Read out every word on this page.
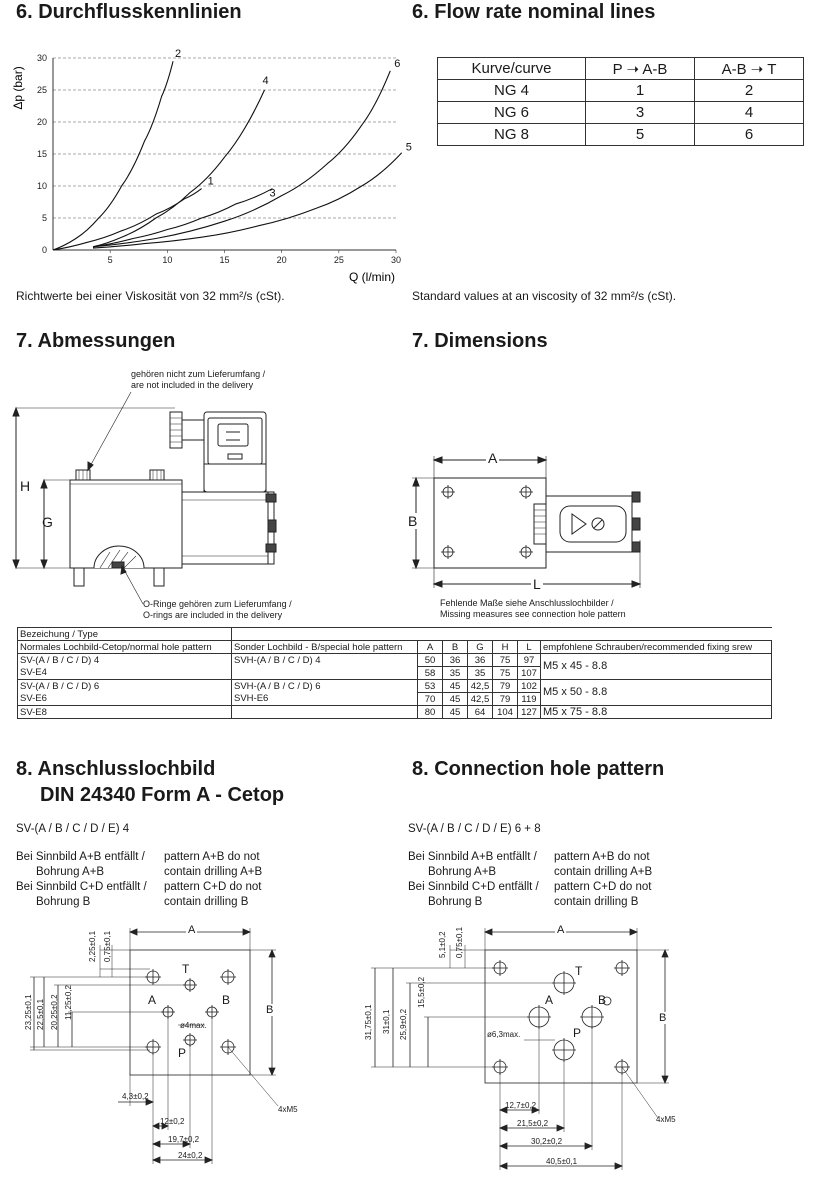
6. Durchflusskennlinien	6. Flow rate nominal lines
0
5
10
15
20
25
30
5	10	15	20	25	30
1
2
3
4
5
6
Q (l/min)
Δp (bar)	Kurve/curve	P ➝ A-B	A-B ➝ T
NG 4	1	2
NG 6	3	4
NG 8	5	6
Richtwerte bei einer Viskosität von 32 mm²/s (cSt).	Standard values at an viscosity of 32 mm²/s (cSt).
7. Abmessungen	7. Dimensions
gehören nicht zum Lieferumfang /
are not included in the delivery
O-Ringe gehören zum Lieferumfang /
O-rings are included in the delivery
H
G
A
B
L
Fehlende Maße siehe Anschlusslochbilder /
Missing measures see connection hole pattern
Bezeichung / Type							
Normales Lochbild-Cetop/normal hole pattern	Sonder Lochbild - B/special hole pattern	A	B	G	H	L	empfohlene Schrauben/recommended fixing srew
SV-(A / B / C / D) 4	SVH-(A / B / C / D) 4	50	36	36	75	97	M5 x 45 - 8.8
SV-E4		58	35	35	75	107	
SV-(A / B / C / D) 6	SVH-(A / B / C / D) 6	53	45	42,5	79	102	M5 x 50 - 8.8
SV-E6	SVH-E6	70	45	42,5	79	119	
SV-E8		80	45	64	104	127	M5 x 75 - 8.8
8. Anschlusslochbild
DIN 24340 Form A - Cetop
8. Connection hole pattern
SV-(A / B / C / D / E) 4
Bei Sinnbild A+B entfällt /
Bohrung A+B
Bei Sinnbild C+D entfällt /
Bohrung B
pattern A+B do not
contain drilling A+B
pattern C+D do not
contain drilling B
SV-(A / B / C / D / E) 6 + 8
Bei Sinnbild A+B entfällt /
Bohrung A+B
Bei Sinnbild C+D entfällt /
Bohrung B
pattern A+B do not
contain drilling A+B
pattern C+D do not
contain drilling B
A
B
T
A	B
P
ø4max.
4xM5
4,3±0,2
12±0,2
19,7±0,2
24±0,2
2,25±0,1 0,75±0,1
23,25±0,1 22,5±0,1 20,25±0,2 11,25±0,2
A
B
T
A	B
P
ø6,3max.
4xM5
12,7±0,2
21,5±0,2
30,2±0,2
40,5±0,1
5,1±0,2 0,75±0,1
31,75±0,1 31±0,1 25,9±0,2
15,5±0,2
